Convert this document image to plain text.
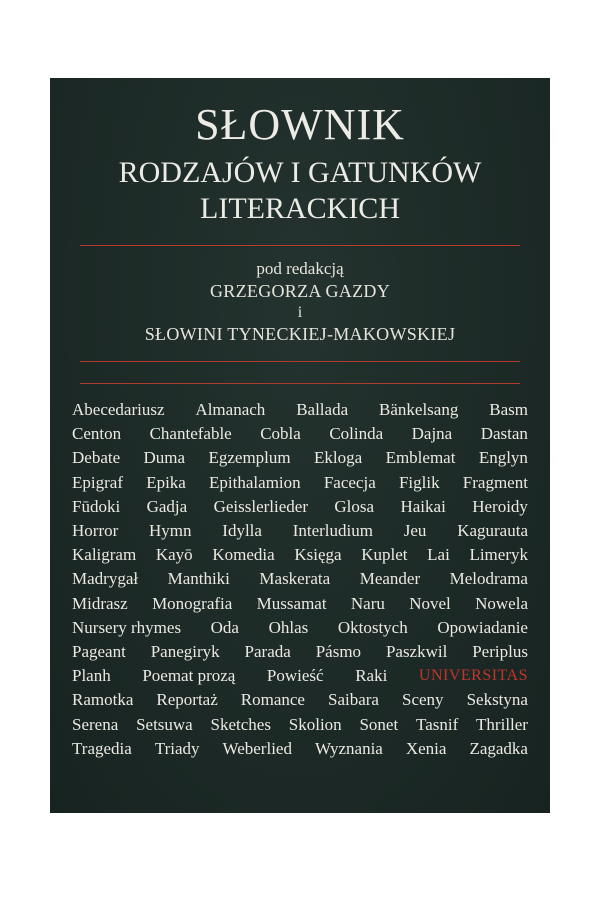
SŁOWNIK
RODZAJÓW I GATUNKÓW
LITERACKICH
pod redakcją
GRZEGORZA GAZDY
i
SŁOWINI TYNECKIEJ-MAKOWSKIEJ
Abecedariusz Almanach Ballada Bänkelsang Basm
Centon Chantefable Cobla Colinda Dajna Dastan
Debate Duma Egzemplum Ekloga Emblemat Englyn
Epigraf Epika Epithalamion Facecja Figlik Fragment
Fūdoki Gadja Geisslerlieder Glosa Haikai Heroidy
Horror Hymn Idylla Interludium Jeu Kagurauta
Kaligram Kayō Komedia Księga Kuplet Lai Limeryk
Madrygał Manthiki Maskerata Meander Melodrama
Midrasz Monografia Mussamat Naru Novel Nowela
Nursery rhymes Oda Ohlas Oktostych Opowiadanie
Pageant Panegiryk Parada Pásmo Paszkwil Periplus
Planh Poemat prozą Powieść Raki UNIVERSITAS
Ramotka Reportaż Romance Saibara Sceny Sekstyna
Serena Setsuwa Sketches Skolion Sonet Tasnif Thriller
Tragedia Triady Weberlied Wyznania Xenia Zagadka
